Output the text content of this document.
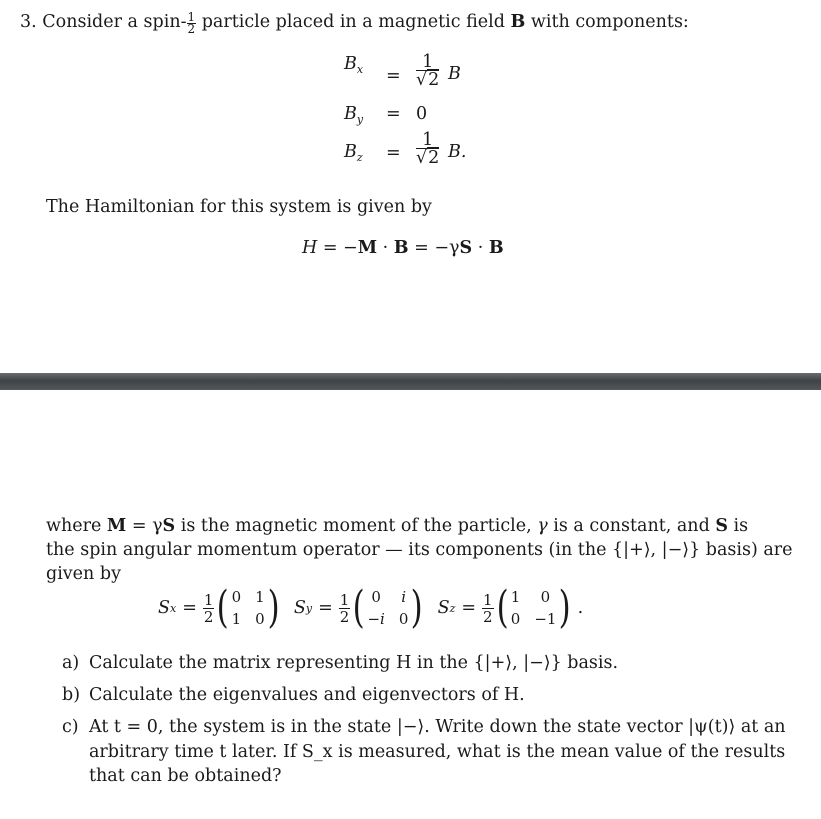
3. Consider a spin- $\frac{1}{2}$ particle placed in a magnetic field B with components:
$B_x = \frac{1}{√2}$ B
$B_y = 0$
$B_z = \frac{1}{√2} B$.
The Hamiltonian for this system is given by
H = −M · B = −γS · B
where M = γS is the magnetic moment of the particle, γ is a constant, and S is
the spin angular momentum operator — its components (in the {|+⟩, |−⟩} basis) are
given by
S $x = \frac{1}{2}$ ( 0 1
1 0 ) S $y = \frac{1}{2}$ ( 0 i
−i 0 ) S $z = \frac{1}{2}$ ( 1	0
0 −1 ) .
a) Calculate the matrix representing H in the {|+⟩, |−⟩} basis.
b) Calculate the eigenvalues and eigenvectors of H.
c) At t = 0, the system is in the state |−⟩. Write down the state vector |ψ(t)⟩ at an
arbitrary time t later. If S_x is measured, what is the mean value of the results
that can be obtained?
